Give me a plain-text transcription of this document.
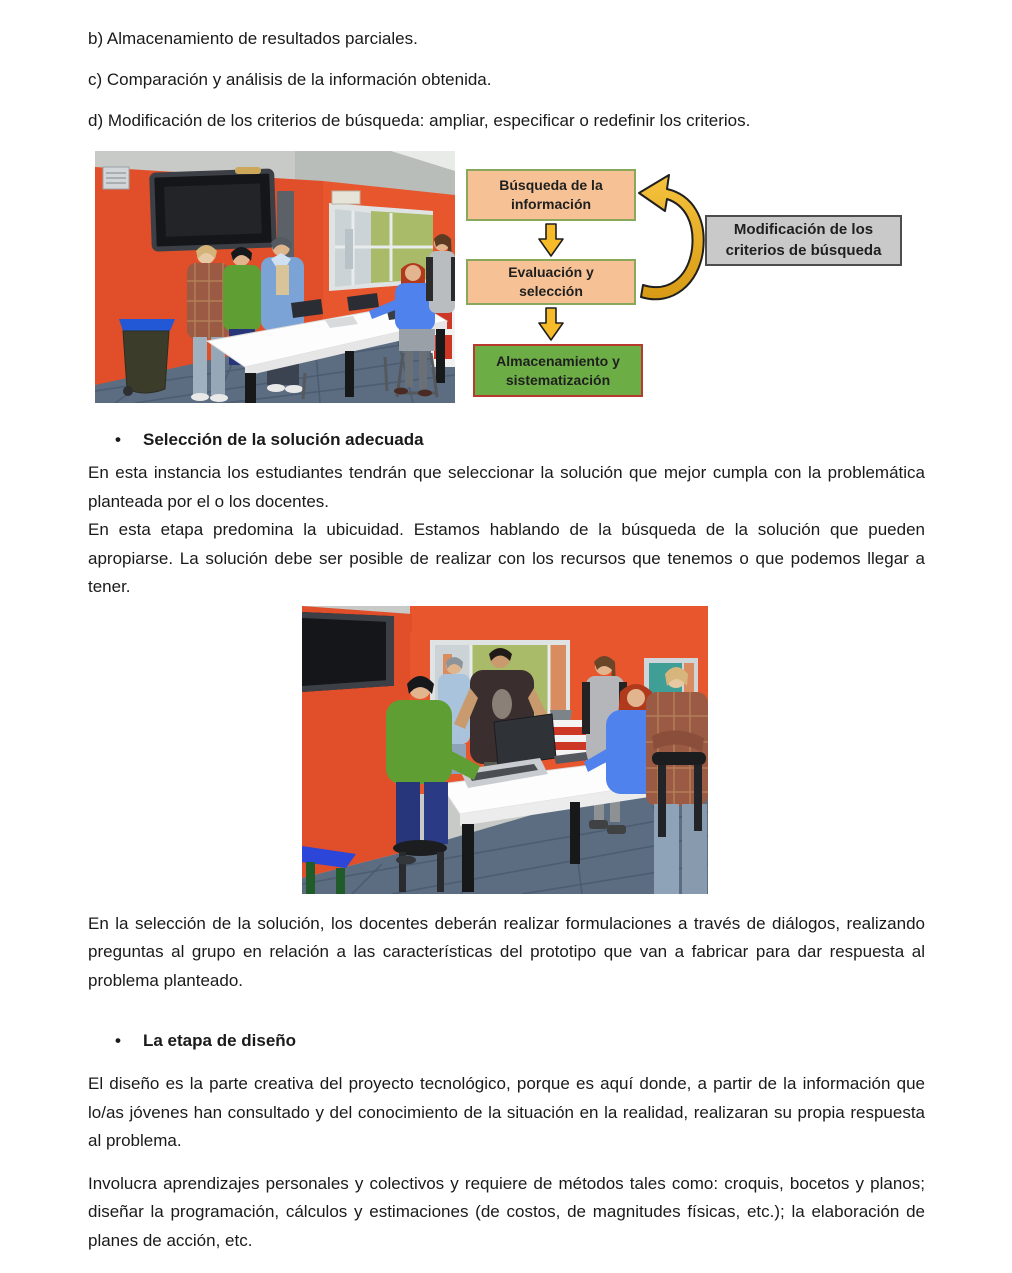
b) Almacenamiento de resultados parciales.

c) Comparación y análisis de la información obtenida.

d) Modificación de los criterios de búsqueda: ampliar, especificar o redefinir los criterios.

Búsqueda de la información
Evaluación y selección
Almacenamiento y sistematización
Modificación de los criterios de búsqueda
•	Selección de la solución adecuada

En esta instancia los estudiantes tendrán que seleccionar la solución que mejor cumpla con la problemática planteada por el o los docentes.

En esta etapa predomina la ubicuidad. Estamos hablando de la búsqueda de la solución que pueden apropiarse. La solución debe ser posible de realizar con los recursos que tenemos o que podemos llegar a tener.

En la selección de la solución, los docentes deberán realizar formulaciones a través de diálogos, realizando preguntas al grupo en relación a las características del prototipo que van a fabricar para dar respuesta al problema planteado.

•	La etapa de diseño

El diseño es la parte creativa del proyecto tecnológico, porque es aquí donde, a partir de la información que lo/as jóvenes han consultado y del conocimiento de la situación en la realidad, realizaran su propia respuesta al problema.

Involucra aprendizajes personales y colectivos y requiere de métodos tales como: croquis, bocetos y planos; diseñar la programación, cálculos y estimaciones (de costos, de magnitudes físicas, etc.); la elaboración de planes de acción, etc.
